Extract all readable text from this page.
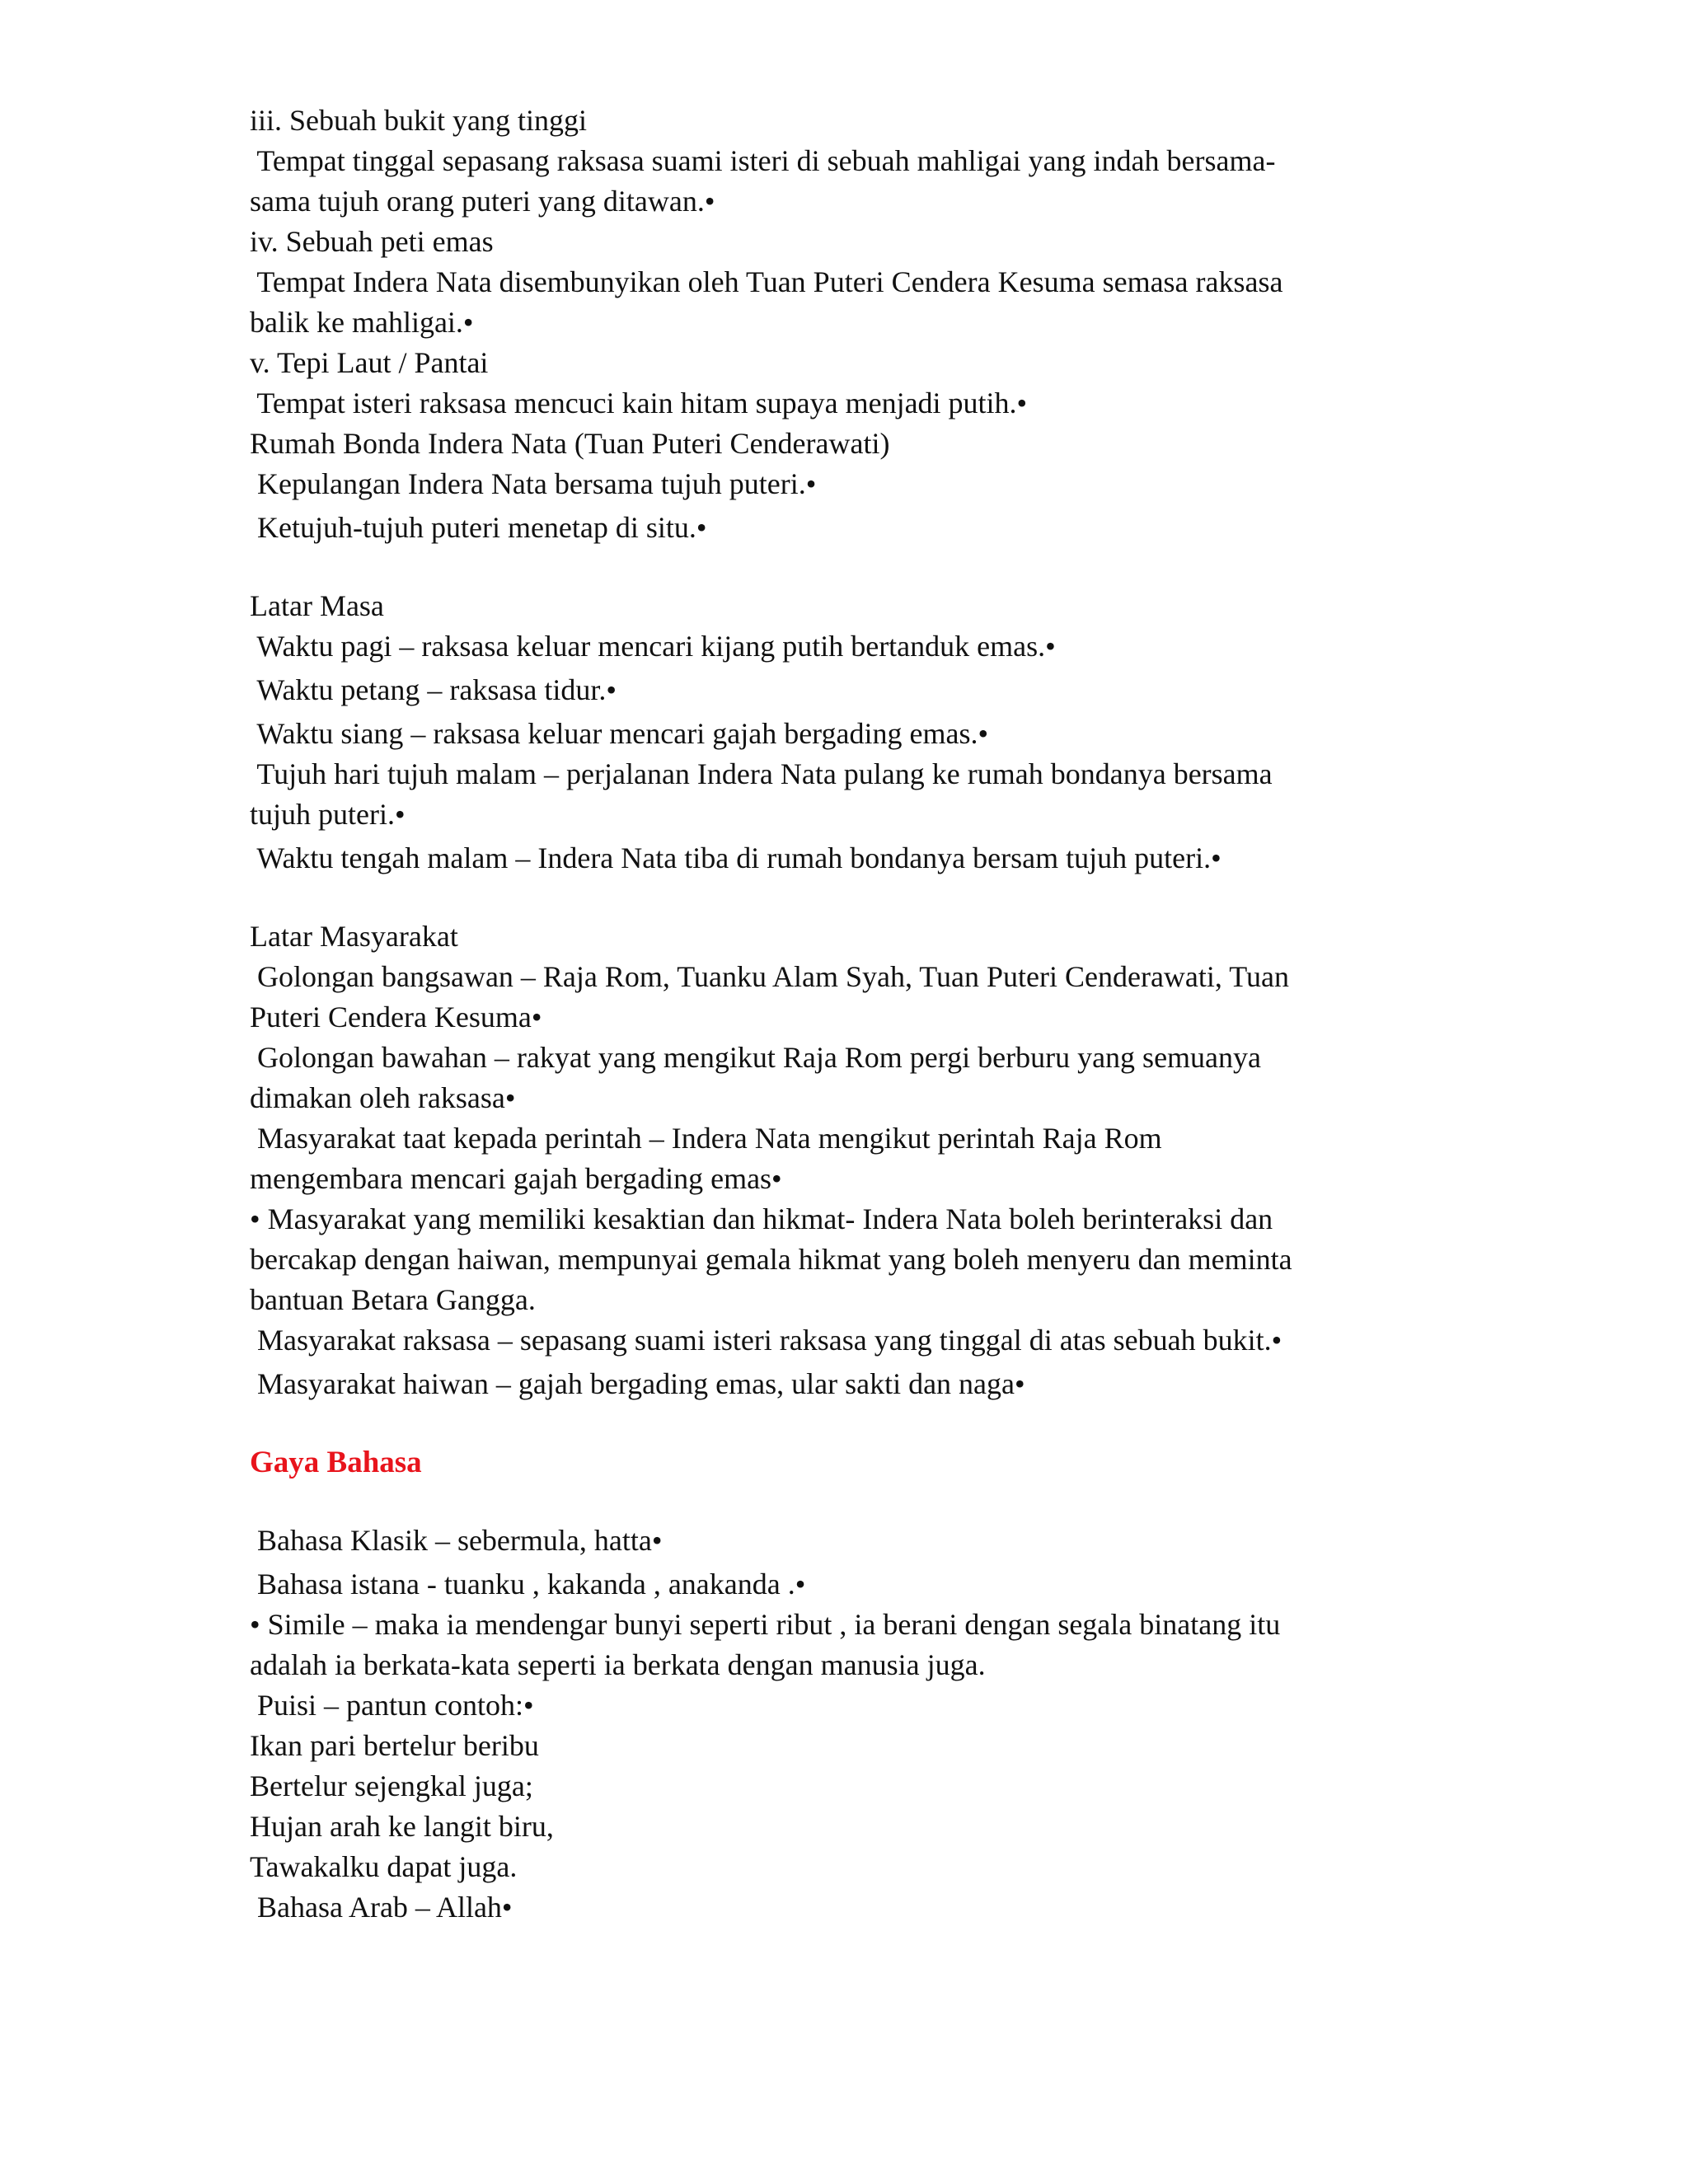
iii. Sebuah bukit yang tinggi

Tempat tinggal sepasang raksasa suami isteri di sebuah mahligai yang indah bersama-

sama tujuh orang puteri yang ditawan.•

iv. Sebuah peti emas

Tempat Indera Nata disembunyikan oleh Tuan Puteri Cendera Kesuma semasa raksasa

balik ke mahligai.•

v. Tepi Laut / Pantai

Tempat isteri raksasa mencuci kain hitam supaya menjadi putih.•

Rumah Bonda Indera Nata (Tuan Puteri Cenderawati)

Kepulangan Indera Nata bersama tujuh puteri.•

Ketujuh-tujuh puteri menetap di situ.•

Latar Masa

Waktu pagi – raksasa keluar mencari kijang putih bertanduk emas.•

Waktu petang – raksasa tidur.•

Waktu siang – raksasa keluar mencari gajah bergading emas.•

Tujuh hari tujuh malam – perjalanan Indera Nata pulang ke rumah bondanya bersama

tujuh puteri.•

Waktu tengah malam – Indera Nata tiba di rumah bondanya bersam tujuh puteri.•

Latar Masyarakat

Golongan bangsawan – Raja Rom, Tuanku Alam Syah, Tuan Puteri Cenderawati, Tuan

Puteri Cendera Kesuma•

Golongan bawahan – rakyat yang mengikut Raja Rom pergi berburu yang semuanya

dimakan oleh raksasa•

Masyarakat taat kepada perintah – Indera Nata mengikut perintah Raja Rom

mengembara mencari gajah bergading emas•

• Masyarakat yang memiliki kesaktian dan hikmat- Indera Nata boleh berinteraksi dan

bercakap dengan haiwan, mempunyai gemala hikmat yang boleh menyeru dan meminta

bantuan Betara Gangga.

Masyarakat raksasa – sepasang suami isteri raksasa yang tinggal di atas sebuah bukit.•

Masyarakat haiwan – gajah bergading emas, ular sakti dan naga•

Gaya Bahasa

Bahasa Klasik – sebermula, hatta•

Bahasa istana - tuanku , kakanda , anakanda .•

• Simile – maka ia mendengar bunyi seperti ribut , ia berani dengan segala binatang itu

adalah ia berkata-kata seperti ia berkata dengan manusia juga.

Puisi – pantun contoh:•

Ikan pari bertelur beribu

Bertelur sejengkal juga;

Hujan arah ke langit biru,

Tawakalku dapat juga.

Bahasa Arab – Allah•
